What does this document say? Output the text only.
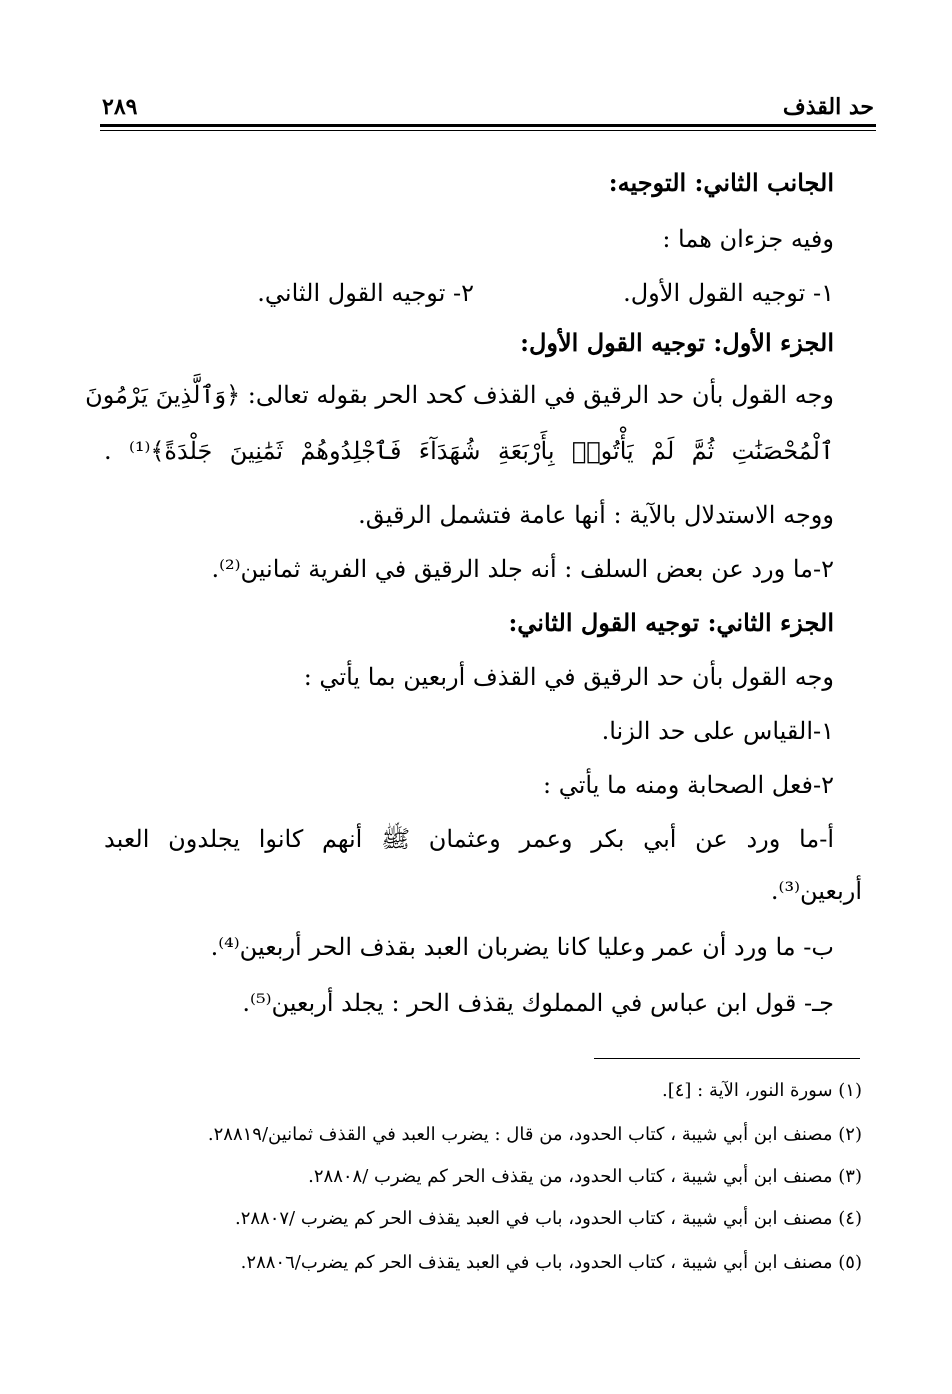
حد القذف
٢٨٩
الجانب الثاني: التوجيه:
وفيه جزءان هما :
١- توجيه القول الأول.
٢- توجيه القول الثاني.
الجزء الأول: توجيه القول الأول:
وجه القول بأن حد الرقيق في القذف كحد الحر بقوله تعالى: ﴿وَٱلَّذِينَ يَرْمُونَ
ٱلْمُحْصَنَٰتِ ثُمَّ لَمْ يَأْتُوا۟ بِأَرْبَعَةِ شُهَدَآءَ فَٱجْلِدُوهُمْ ثَمَٰنِينَ جَلْدَةً﴾⁽¹⁾ .
ووجه الاستدلال بالآية : أنها عامة فتشمل الرقيق.
٢-ما ورد عن بعض السلف : أنه جلد الرقيق في الفرية ثمانين⁽²⁾.
الجزء الثاني: توجيه القول الثاني:
وجه القول بأن حد الرقيق في القذف أربعين بما يأتي :
١-القياس على حد الزنا.
٢-فعل الصحابة ومنه ما يأتي :
أ-ما ورد عن أبي بكر وعمر وعثمان ﷺ أنهم كانوا يجلدون العبد
أربعين⁽³⁾.
ب- ما ورد أن عمر وعليا كانا يضربان العبد بقذف الحر أربعين⁽⁴⁾.
جـ- قول ابن عباس في المملوك يقذف الحر : يجلد أربعين⁽⁵⁾.
(١) سورة النور، الآية : [٤].
(٢) مصنف ابن أبي شيبة ، كتاب الحدود، من قال : يضرب العبد في القذف ثمانين/٢٨٨١٩.
(٣) مصنف ابن أبي شيبة ، كتاب الحدود، من يقذف الحر كم يضرب /٢٨٨٠٨.
(٤) مصنف ابن أبي شيبة ، كتاب الحدود، باب في العبد يقذف الحر كم يضرب /٢٨٨٠٧.
(٥) مصنف ابن أبي شيبة ، كتاب الحدود، باب في العبد يقذف الحر كم يضرب/٢٨٨٠٦.
